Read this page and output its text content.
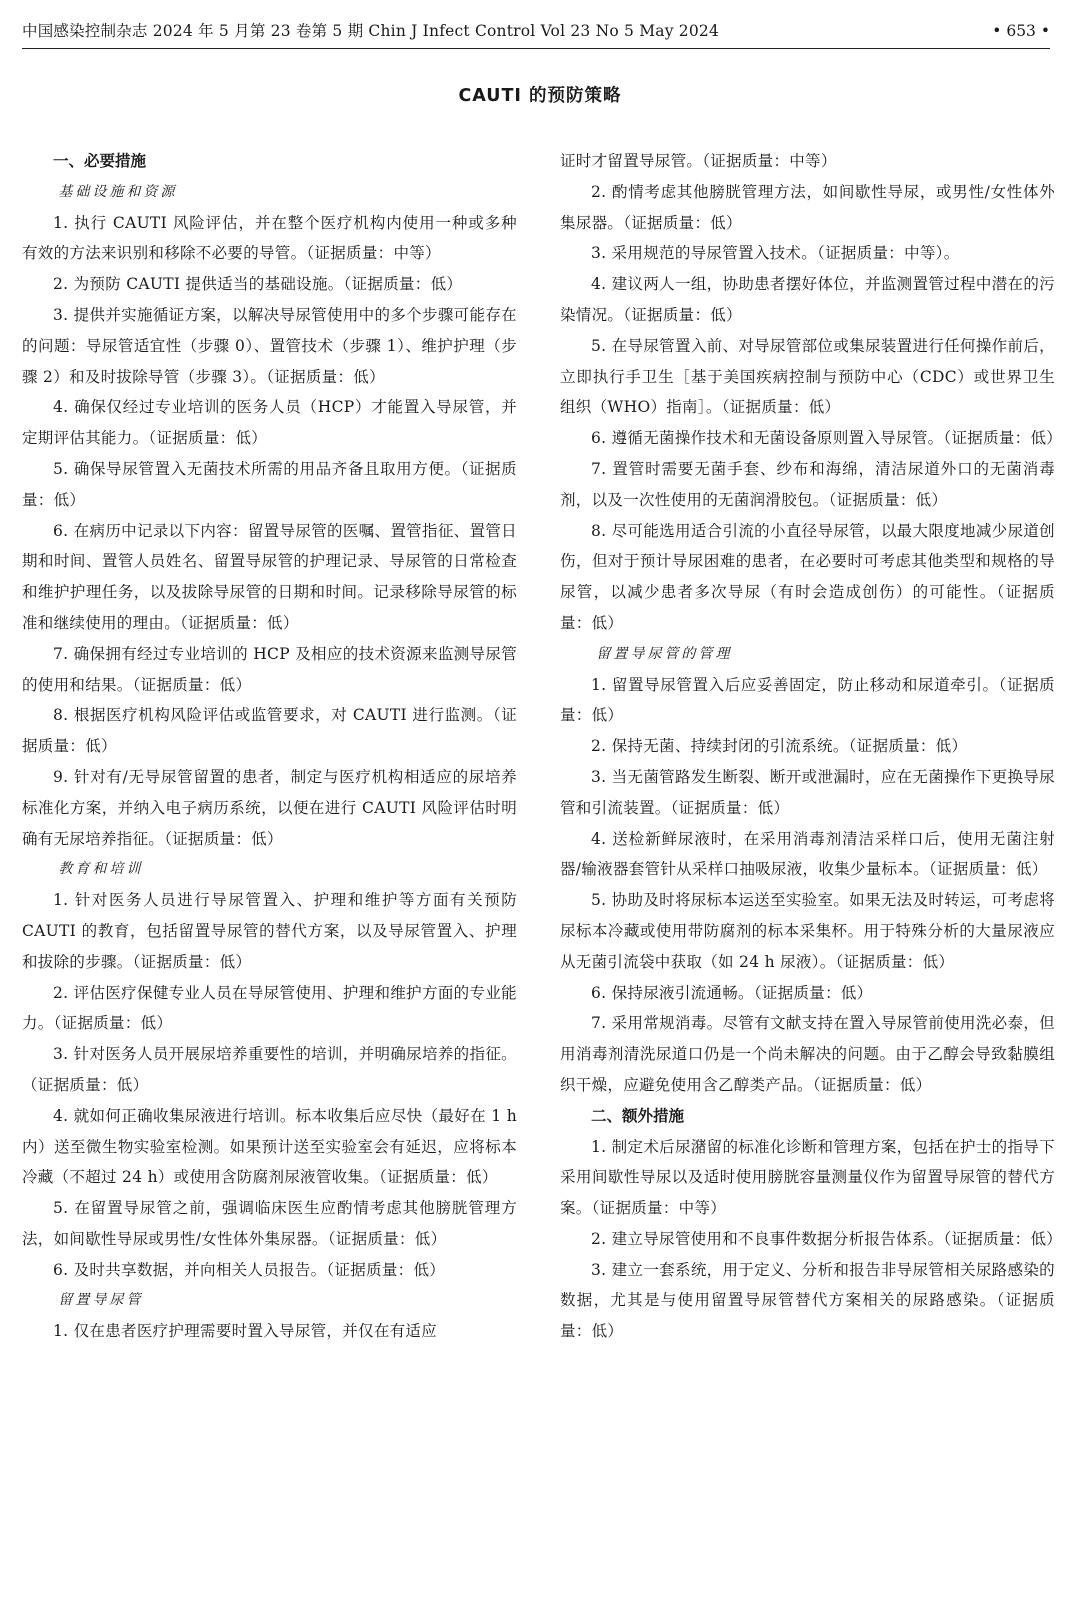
中国感染控制杂志 2024 年 5 月第 23 卷第 5 期 Chin J Infect Control Vol 23 No 5 May 2024	• 653 •
CAUTI 的预防策略

一、必要措施

基础设施和资源

1. 执行 CAUTI 风险评估，并在整个医疗机构内使用一种或多种有效的方法来识别和移除不必要的导管。（证据质量：中等）

2. 为预防 CAUTI 提供适当的基础设施。（证据质量：低）

3. 提供并实施循证方案，以解决导尿管使用中的多个步骤可能存在的问题：导尿管适宜性（步骤 0）、置管技术（步骤 1）、维护护理（步骤 2）和及时拔除导管（步骤 3）。（证据质量：低）

4. 确保仅经过专业培训的医务人员（HCP）才能置入导尿管，并定期评估其能力。（证据质量：低）

5. 确保导尿管置入无菌技术所需的用品齐备且取用方便。（证据质量：低）

6. 在病历中记录以下内容：留置导尿管的医嘱、置管指征、置管日期和时间、置管人员姓名、留置导尿管的护理记录、导尿管的日常检查和维护护理任务，以及拔除导尿管的日期和时间。记录移除导尿管的标准和继续使用的理由。（证据质量：低）

7. 确保拥有经过专业培训的 HCP 及相应的技术资源来监测导尿管的使用和结果。（证据质量：低）

8. 根据医疗机构风险评估或监管要求，对 CAUTI 进行监测。（证据质量：低）

9. 针对有/无导尿管留置的患者，制定与医疗机构相适应的尿培养标准化方案，并纳入电子病历系统，以便在进行 CAUTI 风险评估时明确有无尿培养指征。（证据质量：低）

教育和培训

1. 针对医务人员进行导尿管置入、护理和维护等方面有关预防 CAUTI 的教育，包括留置导尿管的替代方案，以及导尿管置入、护理和拔除的步骤。（证据质量：低）

2. 评估医疗保健专业人员在导尿管使用、护理和维护方面的专业能力。（证据质量：低）

3. 针对医务人员开展尿培养重要性的培训，并明确尿培养的指征。（证据质量：低）

4. 就如何正确收集尿液进行培训。标本收集后应尽快（最好在 1 h 内）送至微生物实验室检测。如果预计送至实验室会有延迟，应将标本冷藏（不超过 24 h）或使用含防腐剂尿液管收集。（证据质量：低）

5. 在留置导尿管之前，强调临床医生应酌情考虑其他膀胱管理方法，如间歇性导尿或男性/女性体外集尿器。（证据质量：低）

6. 及时共享数据，并向相关人员报告。（证据质量：低）

留置导尿管

1. 仅在患者医疗护理需要时置入导尿管，并仅在有适应

证时才留置导尿管。（证据质量：中等）

2. 酌情考虑其他膀胱管理方法，如间歇性导尿，或男性/女性体外集尿器。（证据质量：低）

3. 采用规范的导尿管置入技术。（证据质量：中等）。

4. 建议两人一组，协助患者摆好体位，并监测置管过程中潜在的污染情况。（证据质量：低）

5. 在导尿管置入前、对导尿管部位或集尿装置进行任何操作前后，立即执行手卫生［基于美国疾病控制与预防中心（CDC）或世界卫生组织（WHO）指南］。（证据质量：低）

6. 遵循无菌操作技术和无菌设备原则置入导尿管。（证据质量：低）

7. 置管时需要无菌手套、纱布和海绵，清洁尿道外口的无菌消毒剂，以及一次性使用的无菌润滑胶包。（证据质量：低）

8. 尽可能选用适合引流的小直径导尿管，以最大限度地减少尿道创伤，但对于预计导尿困难的患者，在必要时可考虑其他类型和规格的导尿管，以减少患者多次导尿（有时会造成创伤）的可能性。（证据质量：低）

留置导尿管的管理

1. 留置导尿管置入后应妥善固定，防止移动和尿道牵引。（证据质量：低）

2. 保持无菌、持续封闭的引流系统。（证据质量：低）

3. 当无菌管路发生断裂、断开或泄漏时，应在无菌操作下更换导尿管和引流装置。（证据质量：低）

4. 送检新鲜尿液时，在采用消毒剂清洁采样口后，使用无菌注射器/输液器套管针从采样口抽吸尿液，收集少量标本。（证据质量：低）

5. 协助及时将尿标本运送至实验室。如果无法及时转运，可考虑将尿标本冷藏或使用带防腐剂的标本采集杯。用于特殊分析的大量尿液应从无菌引流袋中获取（如 24 h 尿液）。（证据质量：低）

6. 保持尿液引流通畅。（证据质量：低）

7. 采用常规消毒。尽管有文献支持在置入导尿管前使用洗必泰，但用消毒剂清洗尿道口仍是一个尚未解决的问题。由于乙醇会导致黏膜组织干燥，应避免使用含乙醇类产品。（证据质量：低）

二、额外措施

1. 制定术后尿潴留的标准化诊断和管理方案，包括在护士的指导下采用间歇性导尿以及适时使用膀胱容量测量仪作为留置导尿管的替代方案。（证据质量：中等）

2. 建立导尿管使用和不良事件数据分析报告体系。（证据质量：低）

3. 建立一套系统，用于定义、分析和报告非导尿管相关尿路感染的数据，尤其是与使用留置导尿管替代方案相关的尿路感染。（证据质量：低）
